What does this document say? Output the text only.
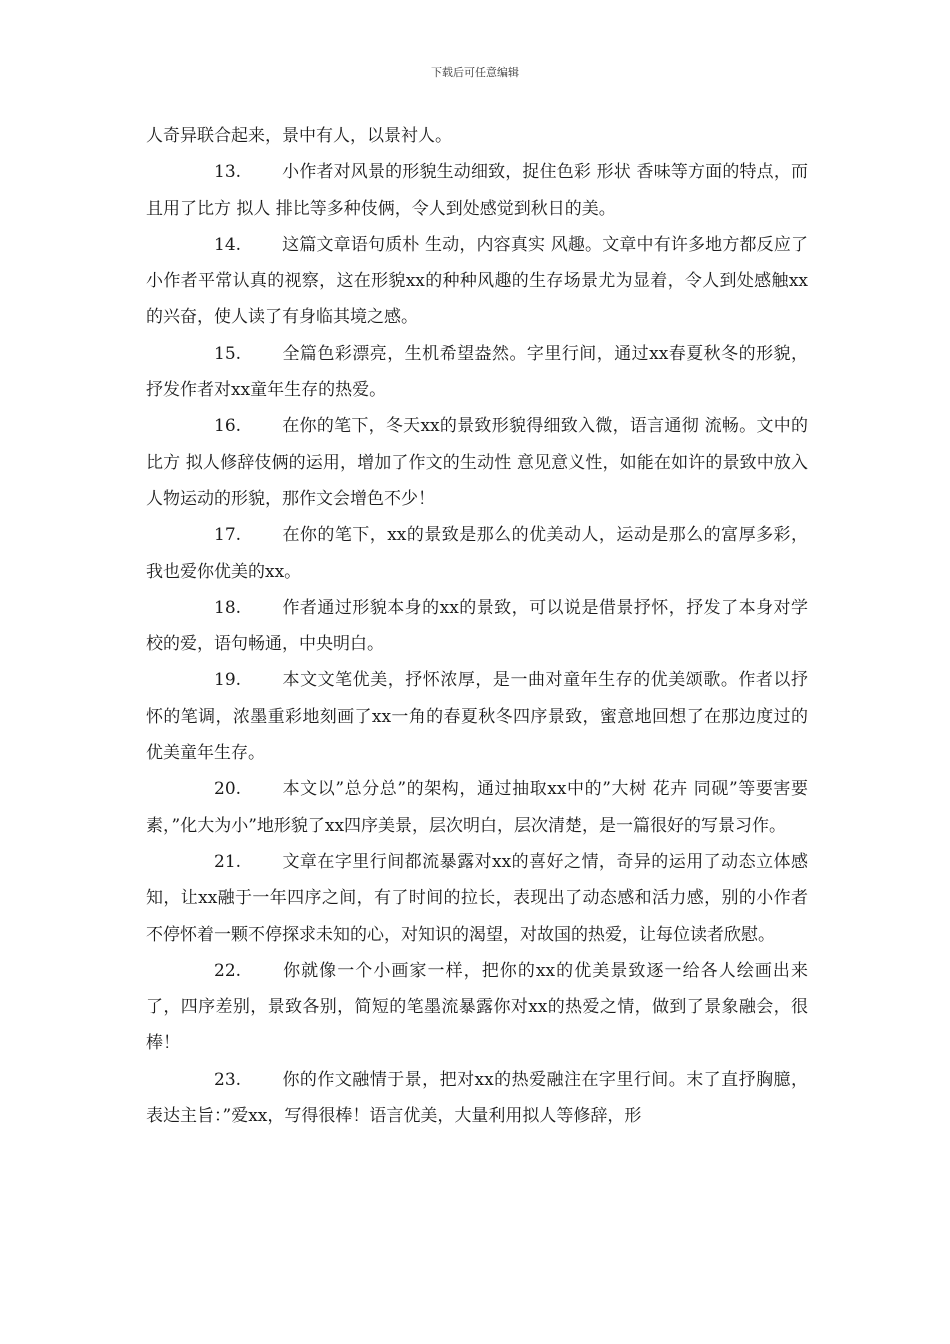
下载后可任意编辑

人奇异联合起来，景中有人，以景衬人。

13. 小作者对风景的形貌生动细致，捉住色彩 形状 香味等方面的特点，而且用了比方 拟人 排比等多种伎俩，令人到处感觉到秋日的美。

14. 这篇文章语句质朴 生动，内容真实 风趣。文章中有许多地方都反应了小作者平常认真的视察，这在形貌xx的种种风趣的生存场景尤为显着，令人到处感触xx的兴奋，使人读了有身临其境之感。

15. 全篇色彩漂亮，生机希望盎然。字里行间，通过xx春夏秋冬的形貌，抒发作者对xx童年生存的热爱。

16. 在你的笔下，冬天xx的景致形貌得细致入微，语言通彻 流畅。文中的比方 拟人修辞伎俩的运用，增加了作文的生动性 意见意义性，如能在如许的景致中放入人物运动的形貌，那作文会增色不少！

17. 在你的笔下，xx的景致是那么的优美动人，运动是那么的富厚多彩，我也爱你优美的xx。

18. 作者通过形貌本身的xx的景致，可以说是借景抒怀，抒发了本身对学校的爱，语句畅通，中央明白。

19. 本文文笔优美，抒怀浓厚，是一曲对童年生存的优美颂歌。作者以抒怀的笔调，浓墨重彩地刻画了xx一角的春夏秋冬四序景致，蜜意地回想了在那边度过的优美童年生存。

20. 本文以”总分总”的架构，通过抽取xx中的”大树 花卉 同砚”等要害要素，”化大为小”地形貌了xx四序美景，层次明白，层次清楚，是一篇很好的写景习作。

21. 文章在字里行间都流暴露对xx的喜好之情，奇异的运用了动态立体感知，让xx融于一年四序之间，有了时间的拉长，表现出了动态感和活力感，别的小作者不停怀着一颗不停探求未知的心，对知识的渴望，对故国的热爱，让每位读者欣慰。

22. 你就像一个小画家一样，把你的xx的优美景致逐一给各人绘画出来了，四序差别，景致各别，简短的笔墨流暴露你对xx的热爱之情，做到了景象融会，很棒！

23. 你的作文融情于景，把对xx的热爱融注在字里行间。末了直抒胸臆，表达主旨：”爱xx，写得很棒！语言优美，大量利用拟人等修辞，形
